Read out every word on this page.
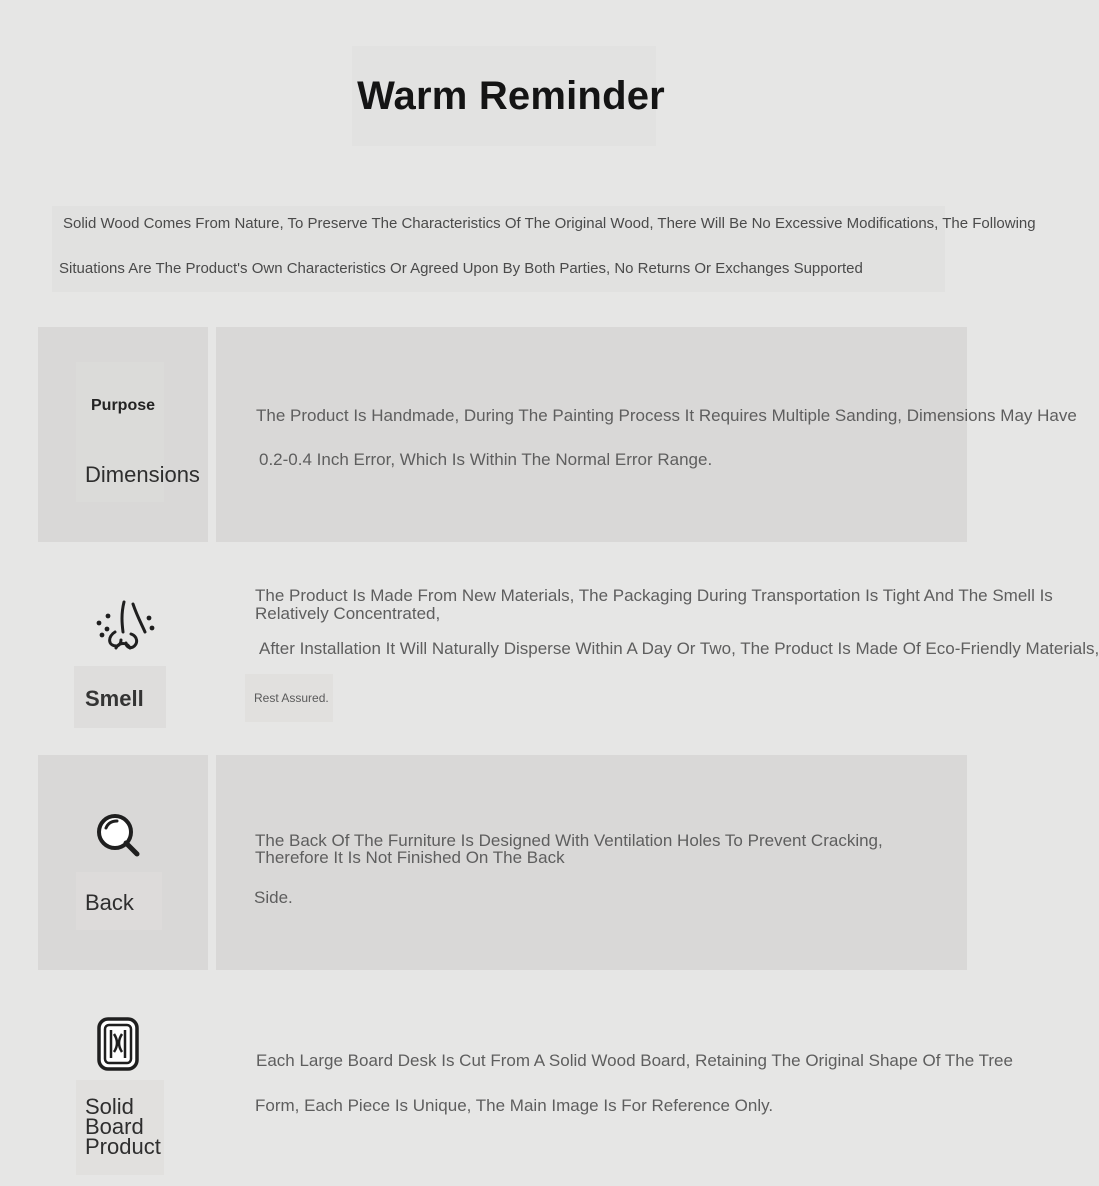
Warm Reminder
Solid Wood Comes From Nature, To Preserve The Characteristics Of The Original Wood, There Will Be No Excessive Modifications, The Following
Situations Are The Product's Own Characteristics Or Agreed Upon By Both Parties, No Returns Or Exchanges Supported
Purpose
Dimensions
The Product Is Handmade, During The Painting Process It Requires Multiple Sanding, Dimensions May Have
0.2-0.4 Inch Error, Which Is Within The Normal Error Range.
Smell
The Product Is Made From New Materials, The Packaging During Transportation Is Tight And The Smell Is
Relatively Concentrated,
After Installation It Will Naturally Disperse Within A Day Or Two, The Product Is Made Of Eco-Friendly Materials,
Rest Assured.
Back
The Back Of The Furniture Is Designed With Ventilation Holes To Prevent Cracking,
Therefore It Is Not Finished On The Back
Side.
Solid
Board
Product
Each Large Board Desk Is Cut From A Solid Wood Board, Retaining The Original Shape Of The Tree
Form, Each Piece Is Unique, The Main Image Is For Reference Only.
